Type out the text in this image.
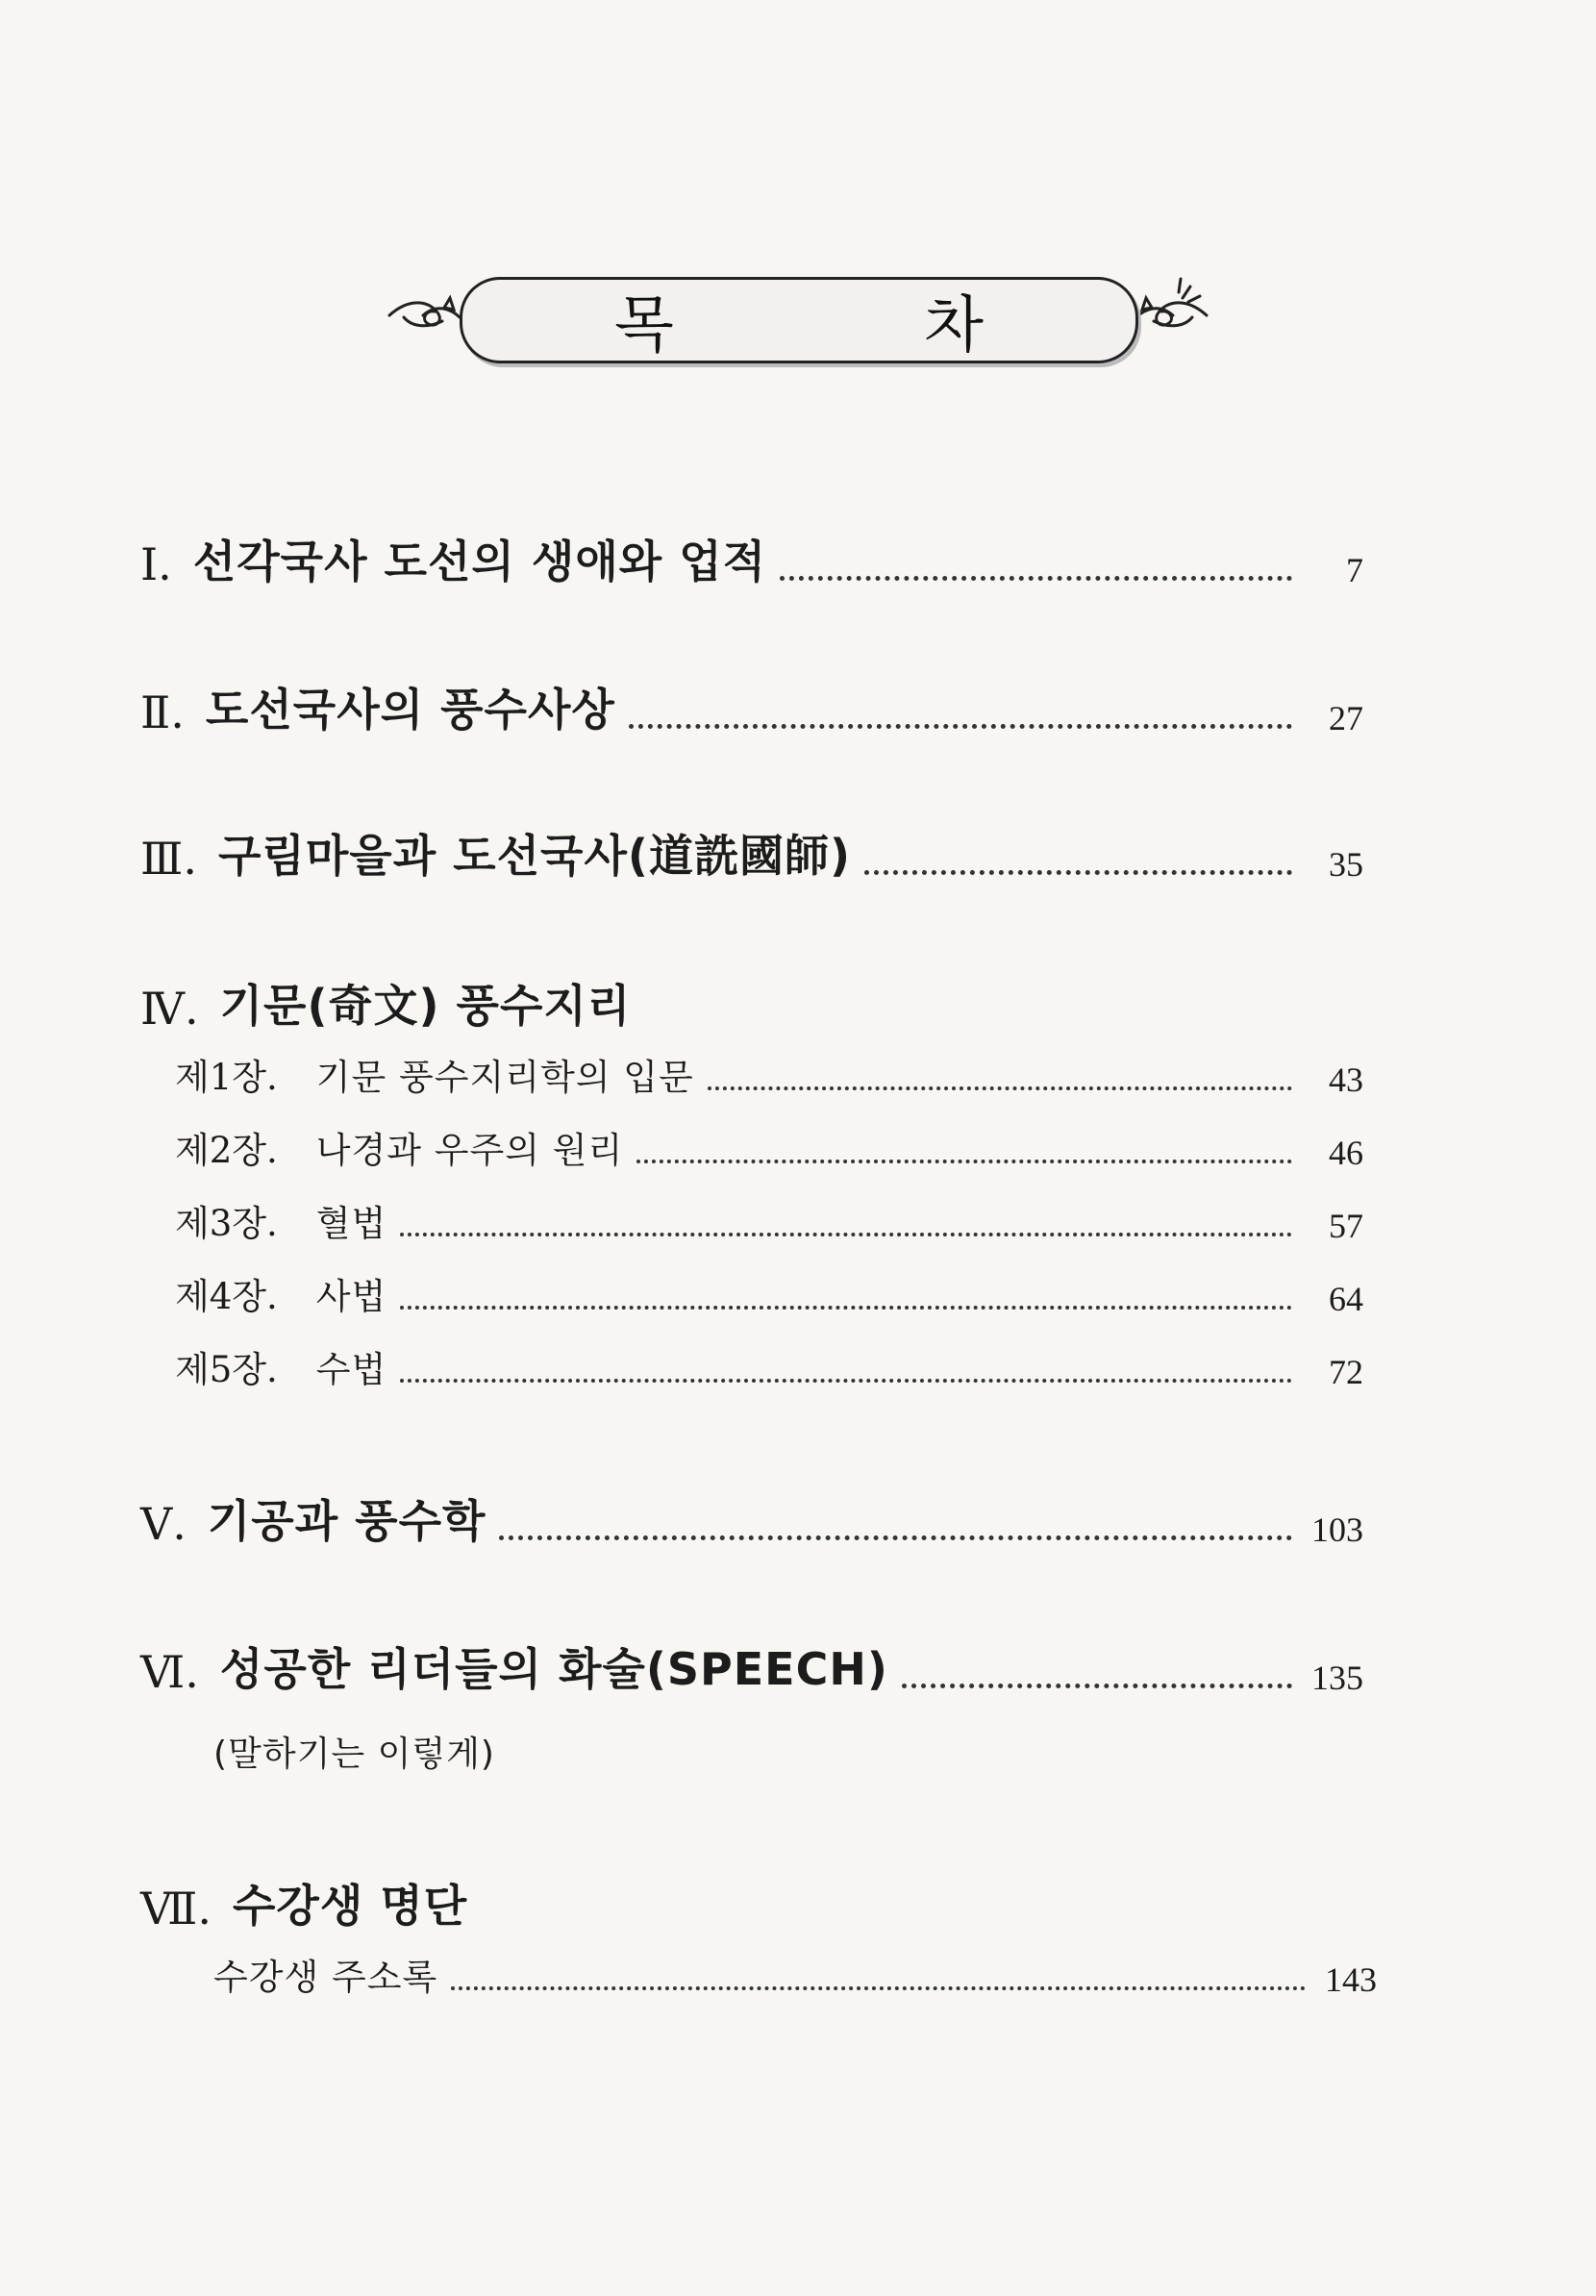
목 차
Ⅰ. 선각국사 도선의 생애와 업적	7
Ⅱ. 도선국사의 풍수사상	27
Ⅲ. 구림마을과 도선국사(道詵國師)	35
Ⅳ. 기문(奇文) 풍수지리
제1장. 기문 풍수지리학의 입문	43
제2장. 나경과 우주의 원리	46
제3장. 혈법	57
제4장. 사법	64
제5장. 수법	72
Ⅴ. 기공과 풍수학	103
Ⅵ. 성공한 리더들의 화술(SPEECH)	135
(말하기는 이렇게)
Ⅶ. 수강생 명단
수강생 주소록	143
